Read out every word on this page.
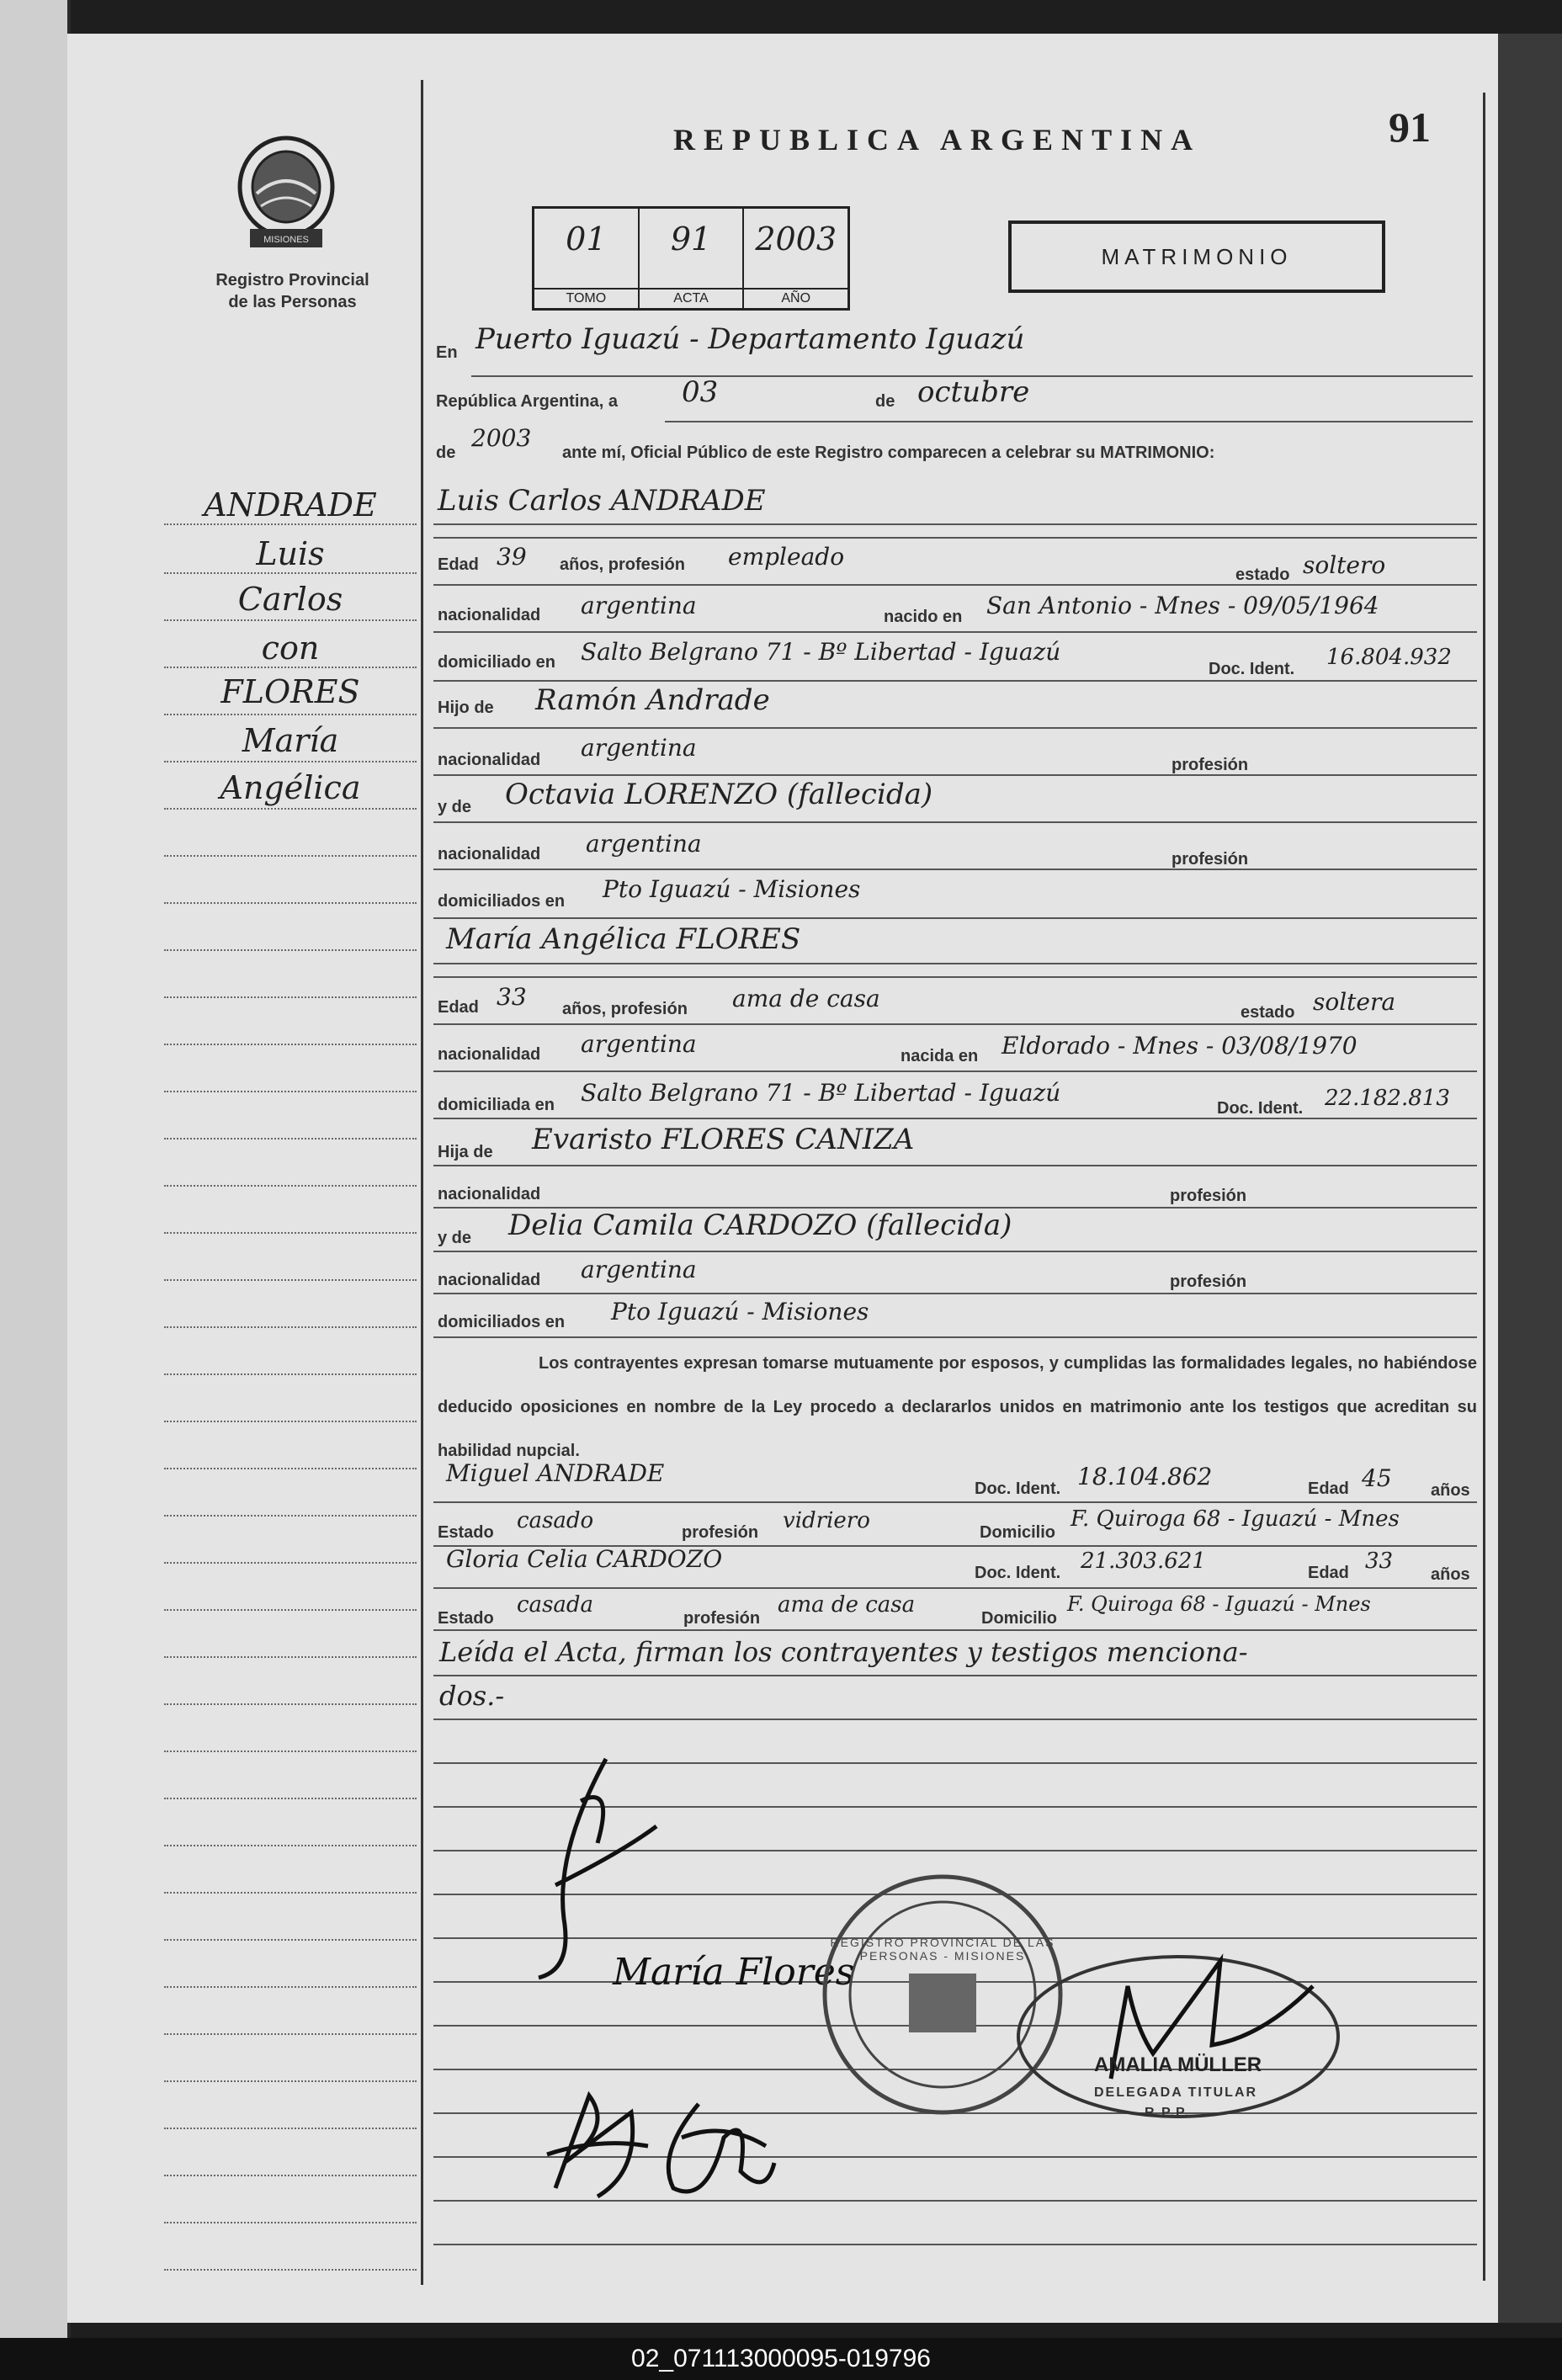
MISIONES
Registro Provincial
de las Personas
REPUBLICA ARGENTINA	91
01
TOMO
91
ACTA
2003
AÑO
MATRIMONIO
En Puerto Iguazú - Departamento Iguazú
República Argentina, a 03	de octubre
de
2003
ante mí, Oficial Público de este Registro comparecen a celebrar su MATRIMONIO:
Luis Carlos ANDRADE
Edad 39 años, profesión empleado
estado soltero
nacionalidad argentina	nacido en San Antonio - Mnes - 09/05/1964
domiciliado en Salto Belgrano 71 - Bº Libertad - Iguazú
Doc. Ident. 16.804.932
Hijo de Ramón Andrade
nacionalidad argentina
profesión
y de Octavia LORENZO (fallecida)
nacionalidad argentina
profesión
domiciliados en Pto Iguazú - Misiones
María Angélica FLORES
Edad 33 años, profesión ama de casa	estado soltera
nacionalidad argentina	nacida en Eldorado - Mnes - 03/08/1970
domiciliada en Salto Belgrano 71 - Bº Libertad - Iguazú
Doc. Ident. 22.182.813
Hija de Evaristo FLORES CANIZA
nacionalidad	profesión
y de Delia Camila CARDOZO (fallecida)
nacionalidad argentina	profesión
domiciliados en Pto Iguazú - Misiones
Los contrayentes expresan tomarse mutuamente por esposos, y cumplidas las formalidades legales, no habiéndose deducido oposiciones en nombre de la Ley procedo a declararlos unidos en matrimonio ante los testigos que acreditan su habilidad nupcial.
Miguel ANDRADE
Doc. Ident. 18.104.862	Edad 45 años
Estado casado	profesión vidriero	Domicilio
F. Quiroga 68 - Iguazú - Mnes
Gloria Celia CARDOZO	Doc. Ident. 21.303.621	Edad 33
años
Estado
casada
profesión
ama de casa
Domicilio
F. Quiroga 68 - Iguazú - Mnes
Leída el Acta, firman los contrayentes y testigos menciona-
dos.-
ANDRADE
Luis
Carlos
con
FLORES
María
Angélica
María Flores
REGISTRO PROVINCIAL DE LAS PERSONAS - MISIONES
AMALIA MÜLLER
DELEGADA TITULAR
R.P.P.
02_071113000095-019796
